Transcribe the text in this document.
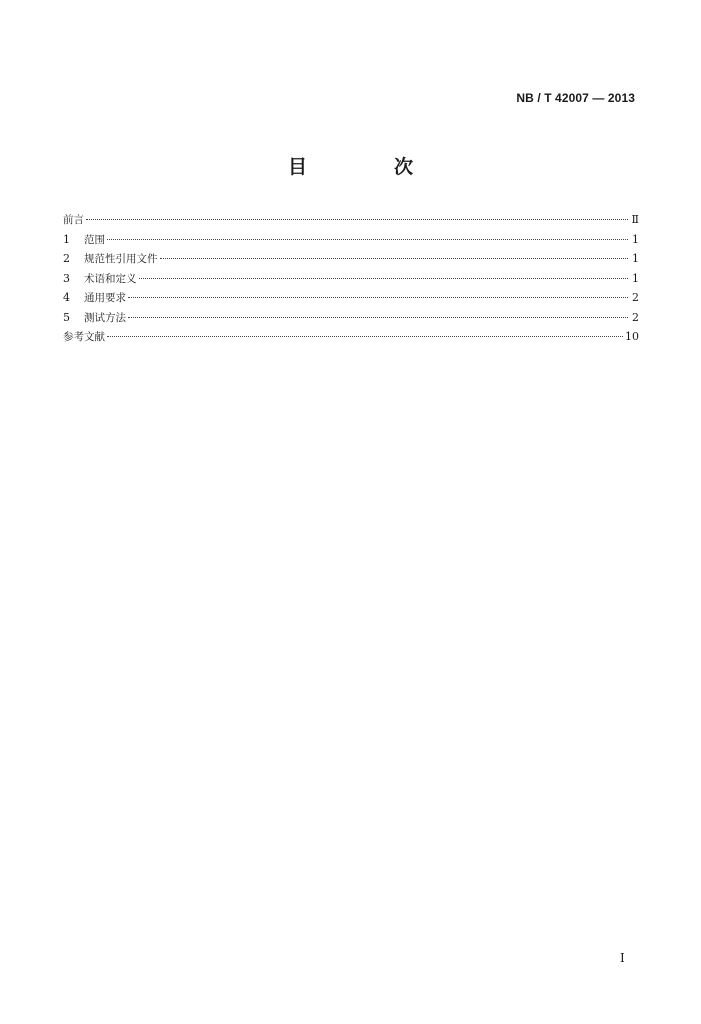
NB / T 42007 — 2013
目　次
前言	Ⅱ
1	范围	1
2	规范性引用文件	1
3	术语和定义	1
4	通用要求	2
5	测试方法	2
参考文献	10
I
